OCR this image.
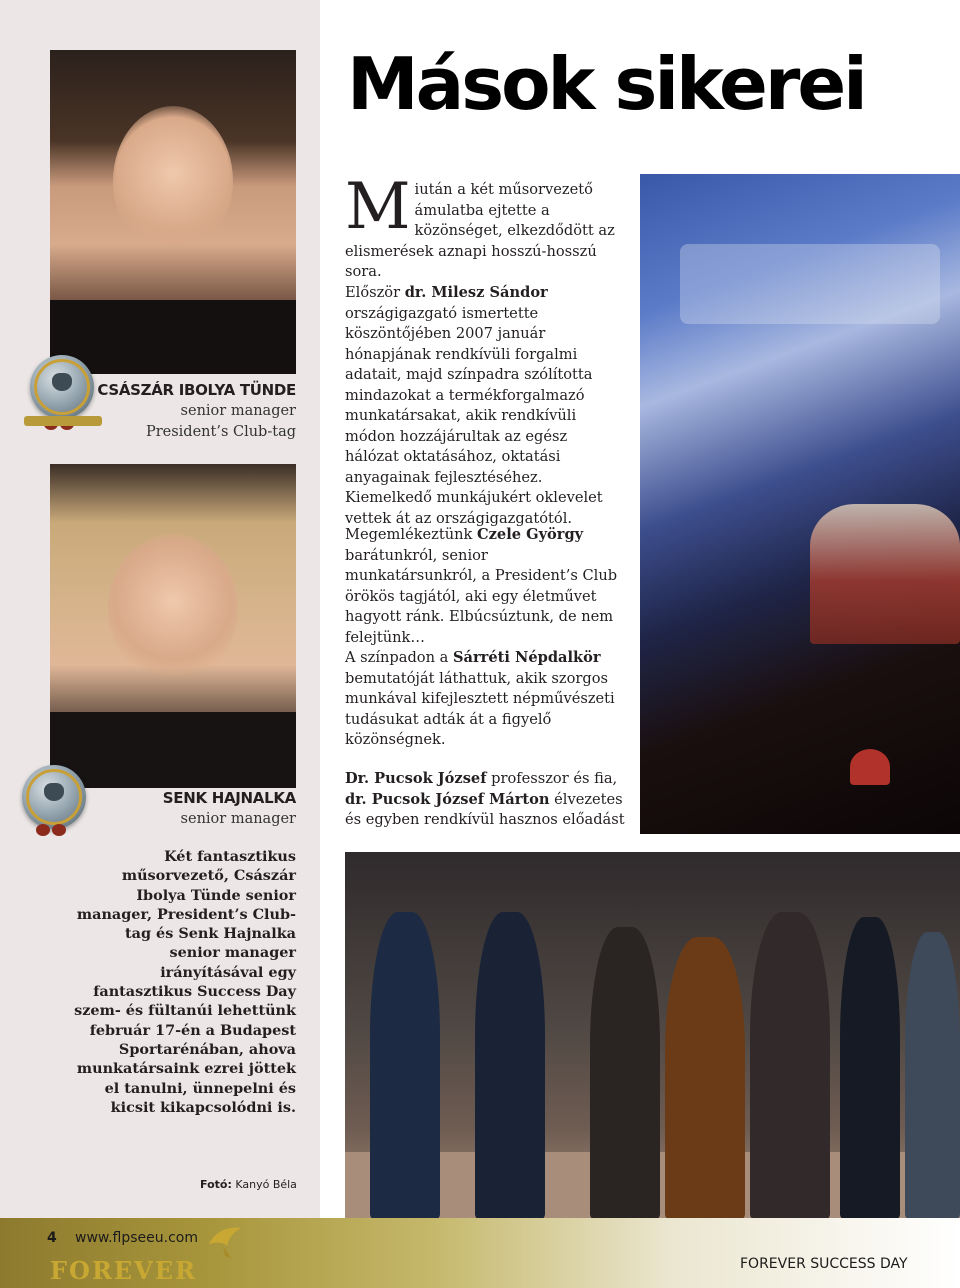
CSÁSZÁR IBOLYA TÜNDE
senior manager
President’s Club-tag
SENK HAJNALKA
senior manager
Két fantasztikus műsorvezető, Császár Ibolya Tünde senior manager, President’s Club-tag és Senk Hajnalka senior manager irányításával egy fantasztikus Success Day szem- és fültanúi lehettünk február 17-én a Budapest Sportarénában, ahova munkatársaink ezrei jöttek el tanulni, ünnepelni és kicsit kikapcsolódni is.
Mások sikerei
Miután a két műsorvezető ámulatba ejtette a közönséget, elkezdődött az elismerések aznapi hosszú-hosszú sora.
Először dr. Milesz Sándor országigazgató ismertette köszöntőjében 2007 január hónapjának rendkívüli forgalmi adatait, majd színpadra szólította mindazokat a termékforgalmazó munkatársakat, akik rendkívüli módon hozzájárultak az egész hálózat oktatásához, oktatási anyagainak fejlesztéséhez. Kiemelkedő munkájukért oklevelet vettek át az országigazgatótól.
Megemlékeztünk Czele György barátunkról, senior munkatársunkról, a President’s Club örökös tagjától, aki egy életművet hagyott ránk. Elbúcsúztunk, de nem felejtünk…
A színpadon a Sárréti Népdalkör bemutatóját láthattuk, akik szorgos munkával kifejlesztett népművészeti tudásukat adták át a figyelő közönségnek.
Dr. Pucsok József professzor és fia,
dr. Pucsok József Márton élvezetes és egyben rendkívül hasznos előadást
Fotó: Kanyó Béla
4 www.flpseeu.com
FOREVER	FOREVER SUCCESS DAY
